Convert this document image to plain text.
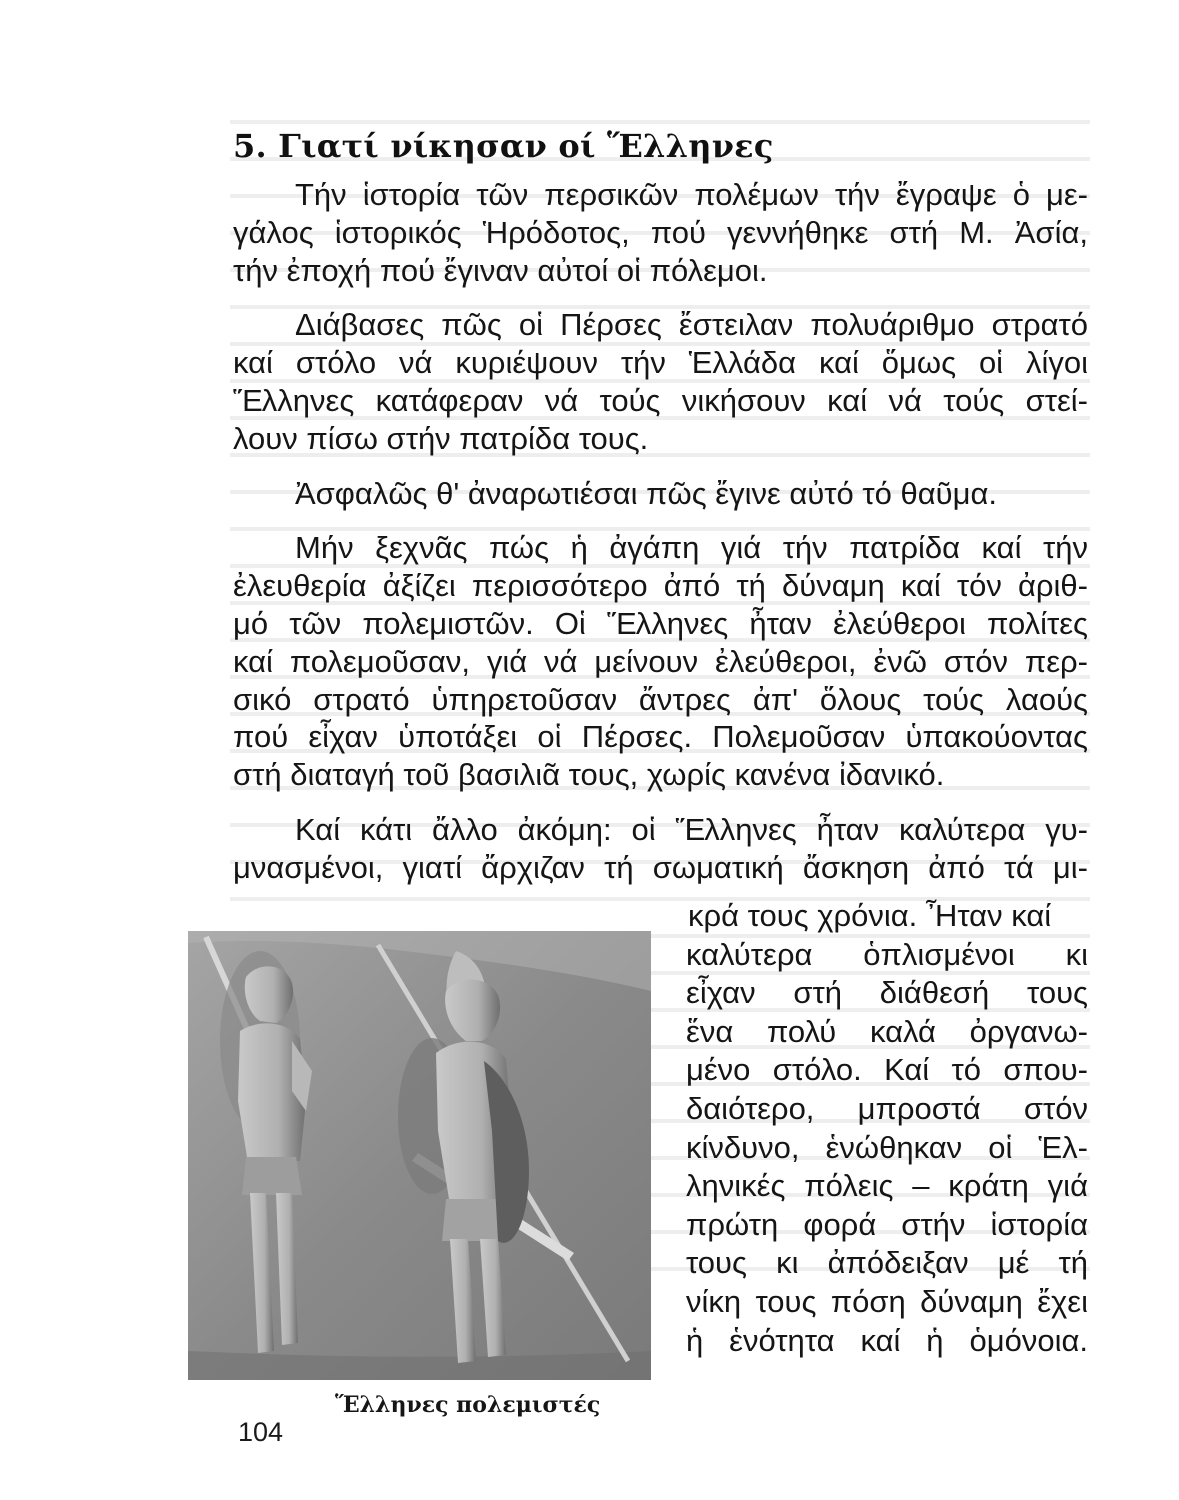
5. Γιατί νίκησαν οί Ἕλληνες

Τήν ἱστορία τῶν περσικῶν πολέμων τήν ἔγραψε ὁ με-
γάλος ἱστορικός Ἡρόδοτος, πού γεννήθηκε στή Μ. Ἀσία,
τήν ἐποχή πού ἔγιναν αὐτοί οἱ πόλεμοι.

Διάβασες πῶς οἱ Πέρσες ἔστειλαν πολυάριθμο στρατό
καί στόλο νά κυριέψουν τήν Ἑλλάδα καί ὅμως οἱ λίγοι
Ἕλληνες κατάφεραν νά τούς νικήσουν καί νά τούς στεί-
λουν πίσω στήν πατρίδα τους.

Ἀσφαλῶς θ' ἀναρωτιέσαι πῶς ἔγινε αὐτό τό θαῦμα.

Μήν ξεχνᾶς πώς ἡ ἀγάπη γιά τήν πατρίδα καί τήν
ἐλευθερία ἀξίζει περισσότερο ἀπό τή δύναμη καί τόν ἀριθ-
μό τῶν πολεμιστῶν. Οἱ Ἕλληνες ἦταν ἐλεύθεροι πολίτες
καί πολεμοῦσαν, γιά νά μείνουν ἐλεύθεροι, ἐνῶ στόν περ-
σικό στρατό ὑπηρετοῦσαν ἄντρες ἀπ' ὅλους τούς λαούς
πού εἶχαν ὑποτάξει οἱ Πέρσες. Πολεμοῦσαν ὑπακούοντας
στή διαταγή τοῦ βασιλιᾶ τους, χωρίς κανένα ἰδανικό.

Καί κάτι ἄλλο ἀκόμη: οἱ Ἕλληνες ἦταν καλύτερα γυ-
μνασμένοι, γιατί ἄρχιζαν τή σωματική ἄσκηση ἀπό τά μι-

κρά τους χρόνια. Ἦταν καί
καλύτερα ὁπλισμένοι κι
εἶχαν στή διάθεσή τους
ἕνα πολύ καλά ὀργανω-
μένο στόλο. Καί τό σπου-
δαιότερο, μπροστά στόν
κίνδυνο, ἑνώθηκαν οἱ Ἑλ-
ληνικές πόλεις – κράτη γιά
πρώτη φορά στήν ἱστορία
τους κι ἀπόδειξαν μέ τή
νίκη τους πόση δύναμη ἔχει
ἡ ἑνότητα καί ἡ ὁμόνοια.
Ἕλληνες πολεμιστές
104
